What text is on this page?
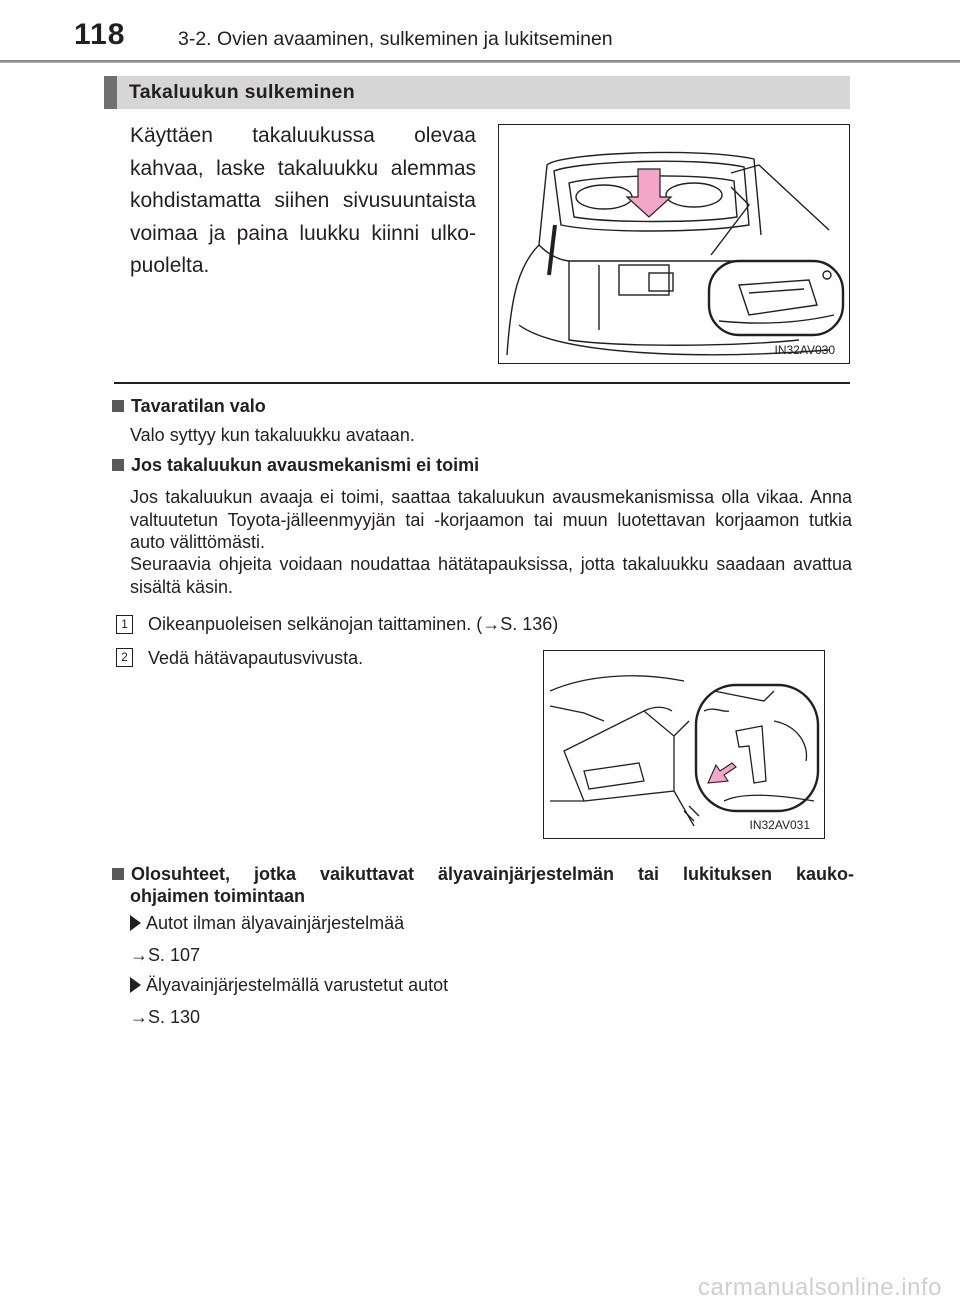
118	3-2. Ovien avaaminen, sulkeminen ja lukitseminen
Takaluukun sulkeminen
Käyttäen takaluukussa olevaa kahvaa, laske takaluukku alemmas kohdistamatta siihen sivusuuntaista voimaa ja paina luukku kiinni ulkopuolelta.
IN32AV030
Tavaratilan valo
Valo syttyy kun takaluukku avataan.
Jos takaluukun avausmekanismi ei toimi
Jos takaluukun avaaja ei toimi, saattaa takaluukun avausmekanismissa olla vikaa. Anna valtuutetun Toyota-jälleenmyyjän tai -korjaamon tai muun luotettavan korjaamon tutkia auto välittömästi.
Seuraavia ohjeita voidaan noudattaa hätätapauksissa, jotta takaluukku saadaan avattua sisältä käsin.
1 Oikeanpuoleisen selkänojan taittaminen. (→S. 136)
2 Vedä hätävapautusvivusta.
IN32AV031
Olosuhteet, jotka vaikuttavat älyavainjärjestelmän tai lukituksen kauko-
ohjaimen toimintaan
Autot ilman älyavainjärjestelmää
→S. 107
Älyavainjärjestelmällä varustetut autot
→S. 130
carmanualsonline.info
